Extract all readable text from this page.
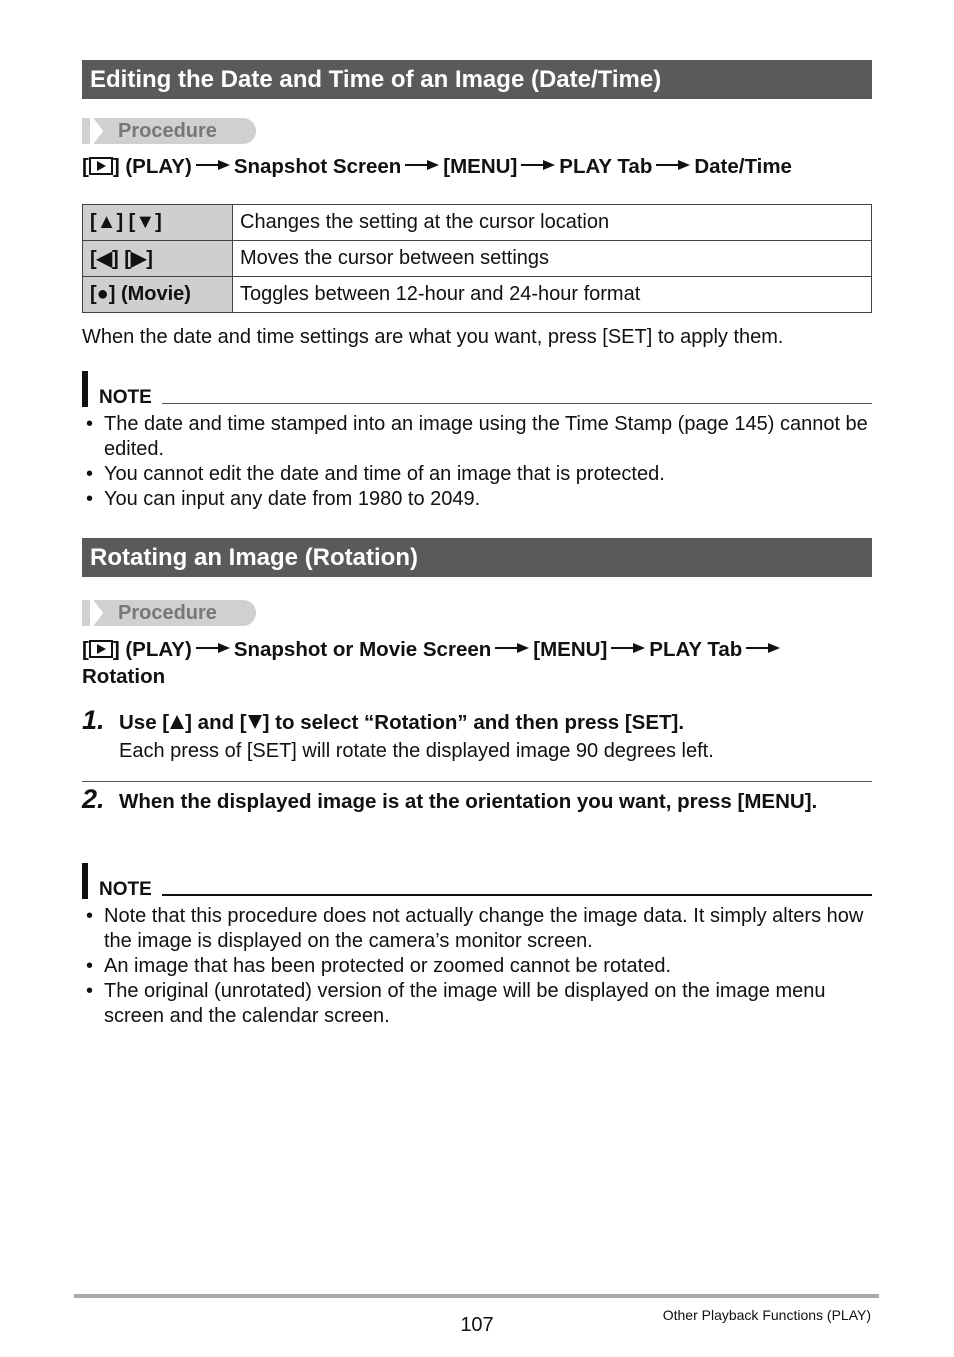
Editing the Date and Time of an Image (Date/Time)
Procedure
[ ] (PLAY) Snapshot Screen [MENU] PLAY Tab Date/Time
[▲] [▼]	Changes the setting at the cursor location
[◀] [▶]	Moves the cursor between settings
[●] (Movie)	Toggles between 12-hour and 24-hour format
When the date and time settings are what you want, press [SET] to apply them.
NOTE
• The date and time stamped into an image using the Time Stamp (page 145) cannot be edited.
• You cannot edit the date and time of an image that is protected.
• You can input any date from 1980 to 2049.
Rotating an Image (Rotation)
Procedure
[ ] (PLAY) Snapshot or Movie Screen [MENU] PLAY Tab
Rotation
1. Use [ ] and [ ] to select “Rotation” and then press [SET].
Each press of [SET] will rotate the displayed image 90 degrees left.
2. When the displayed image is at the orientation you want, press [MENU].
NOTE
• Note that this procedure does not actually change the image data. It simply alters how the image is displayed on the camera’s monitor screen.
• An image that has been protected or zoomed cannot be rotated.
• The original (unrotated) version of the image will be displayed on the image menu screen and the calendar screen.
107	Other Playback Functions (PLAY)
